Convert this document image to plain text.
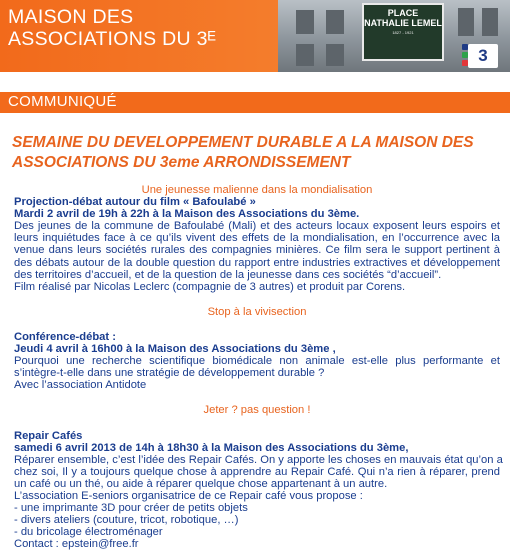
MAISON DES
ASSOCIATIONS DU 3ᴱ
PLACE
NATHALIE LEMEL
1827 - 1921
3
COMMUNIQUÉ
SEMAINE DU DEVELOPPEMENT DURABLE A LA MAISON DES
ASSOCIATIONS DU 3eme ARRONDISSEMENT
Une jeunesse malienne dans la mondialisation
Projection-débat autour du film « Bafoulabé »
Mardi 2 avril de 19h à 22h à la Maison des Associations du 3ème.
Des jeunes de la commune de Bafoulabé (Mali) et des acteurs locaux exposent leurs espoirs et
leurs inquiétudes face à ce qu’ils vivent des effets de la mondialisation, en l’occurrence avec la
venue dans leurs sociétés rurales des compagnies minières. Ce film sera le support pertinent à
des débats autour de la double question du rapport entre industries extractives et développement
des territoires d’accueil, et de la question de la jeunesse dans ces sociétés “d’accueil”.
Film réalisé par Nicolas Leclerc (compagnie de 3 autres) et produit par Corens.
Stop à la vivisection
Conférence-débat :
Jeudi 4 avril à 16h00 à la Maison des Associations du 3ème ,
Pourquoi une recherche scientifique biomédicale non animale est-elle plus performante et
s’intègre-t-elle dans une stratégie de développement durable ?
Avec l’association Antidote
Jeter ? pas question !
Repair Cafés
samedi 6 avril 2013 de 14h à 18h30 à la Maison des Associations du 3ème,
Réparer ensemble, c’est l’idée des Repair Cafés. On y apporte les choses en mauvais état qu’on a
chez soi, Il y a toujours quelque chose à apprendre au Repair Café. Qui n’a rien à réparer, prend
un café ou un thé, ou aide à réparer quelque chose appartenant à un autre.
L’association E-seniors organisatrice de ce Repair café vous propose :
- une imprimante 3D pour créer de petits objets
- divers ateliers (couture, tricot, robotique, …)
- du bricolage électroménager
Contact : epstein@free.fr
